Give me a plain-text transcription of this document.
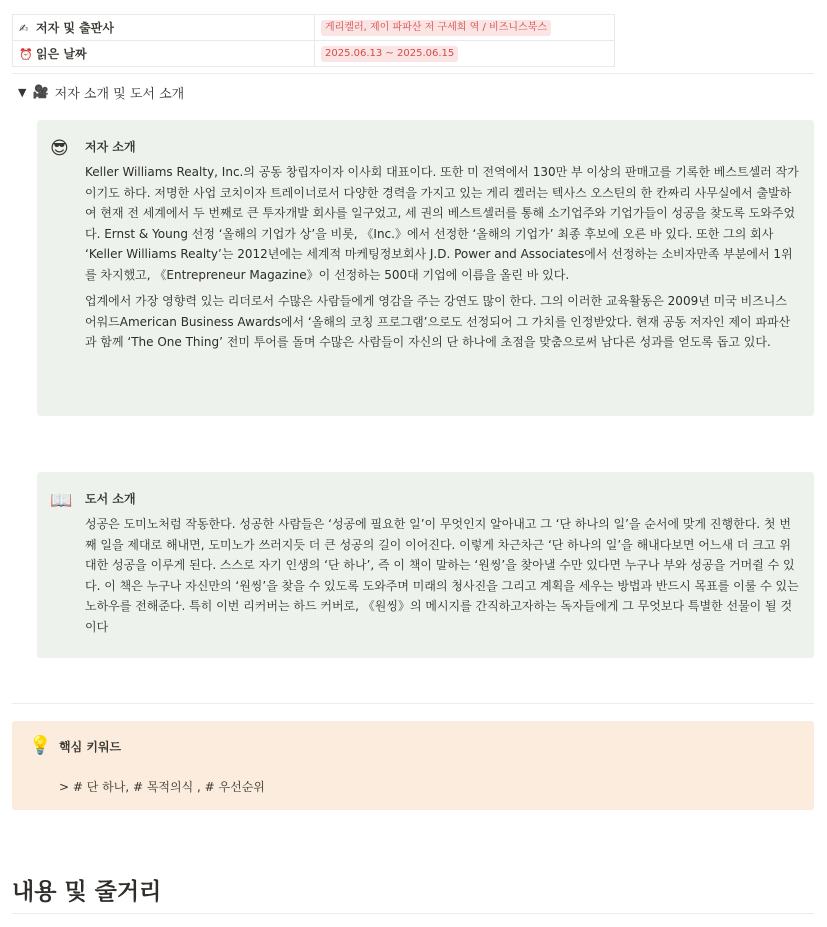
✍ 저자 및 출판사	게리켈러, 제이 파파산 저 구세희 역 / 비즈니스북스
⏰ 읽은 날짜	2025.06.13 ~ 2025.06.15
▼ 🎥 저자 소개 및 도서 소개
😎 저자 소개

Keller Williams Realty, Inc.의 공동 창립자이자 이사회 대표이다. 또한 미 전역에서 130만 부 이상의 판매고를 기록한 베스트셀러 작가이기도 하다. 저명한 사업 코치이자 트레이너로서 다양한 경력을 가지고 있는 게리 켈러는 텍사스 오스틴의 한 칸짜리 사무실에서 출발하여 현재 전 세계에서 두 번째로 큰 투자개발 회사를 일구었고, 세 권의 베스트셀러를 통해 소기업주와 기업가들이 성공을 찾도록 도와주었다. Ernst & Young 선정 ‘올해의 기업가 상’을 비롯, 《Inc.》에서 선정한 ‘올해의 기업가’ 최종 후보에 오른 바 있다. 또한 그의 회사 ‘Keller Williams Realty’는 2012년에는 세계적 마케팅정보회사 J.D. Power and Associates에서 선정하는 소비자만족 부분에서 1위를 차지했고, 《Entrepreneur Magazine》이 선정하는 500대 기업에 이름을 올린 바 있다.

업계에서 가장 영향력 있는 리더로서 수많은 사람들에게 영감을 주는 강연도 많이 한다. 그의 이러한 교육활동은 2009년 미국 비즈니스 어워드American Business Awards에서 ‘올해의 코칭 프로그램’으로도 선정되어 그 가치를 인정받았다. 현재 공동 저자인 제이 파파산과 함께 ‘The One Thing’ 전미 투어를 돌며 수많은 사람들이 자신의 단 하나에 초점을 맞춤으로써 남다른 성과를 얻도록 돕고 있다.

📖 도서 소개

성공은 도미노처럼 작동한다. 성공한 사람들은 ‘성공에 필요한 일’이 무엇인지 알아내고 그 ‘단 하나의 일’을 순서에 맞게 진행한다. 첫 번째 일을 제대로 해내면, 도미노가 쓰러지듯 더 큰 성공의 길이 이어진다. 이렇게 차근차근 ‘단 하나의 일’을 해내다보면 어느새 더 크고 위대한 성공을 이루게 된다. 스스로 자기 인생의 ‘단 하나’, 즉 이 책이 말하는 ‘원씽’을 찾아낼 수만 있다면 누구나 부와 성공을 거머쥘 수 있다. 이 책은 누구나 자신만의 ‘원씽’을 찾을 수 있도록 도와주며 미래의 청사진을 그리고 계획을 세우는 방법과 반드시 목표를 이룰 수 있는 노하우를 전해준다. 특히 이번 리커버는 하드 커버로, 《원씽》의 메시지를 간직하고자하는 독자들에게 그 무엇보다 특별한 선물이 될 것이다

💡 핵심 키워드
> # 단 하나, # 목적의식 , # 우선순위
내용 및 줄거리
